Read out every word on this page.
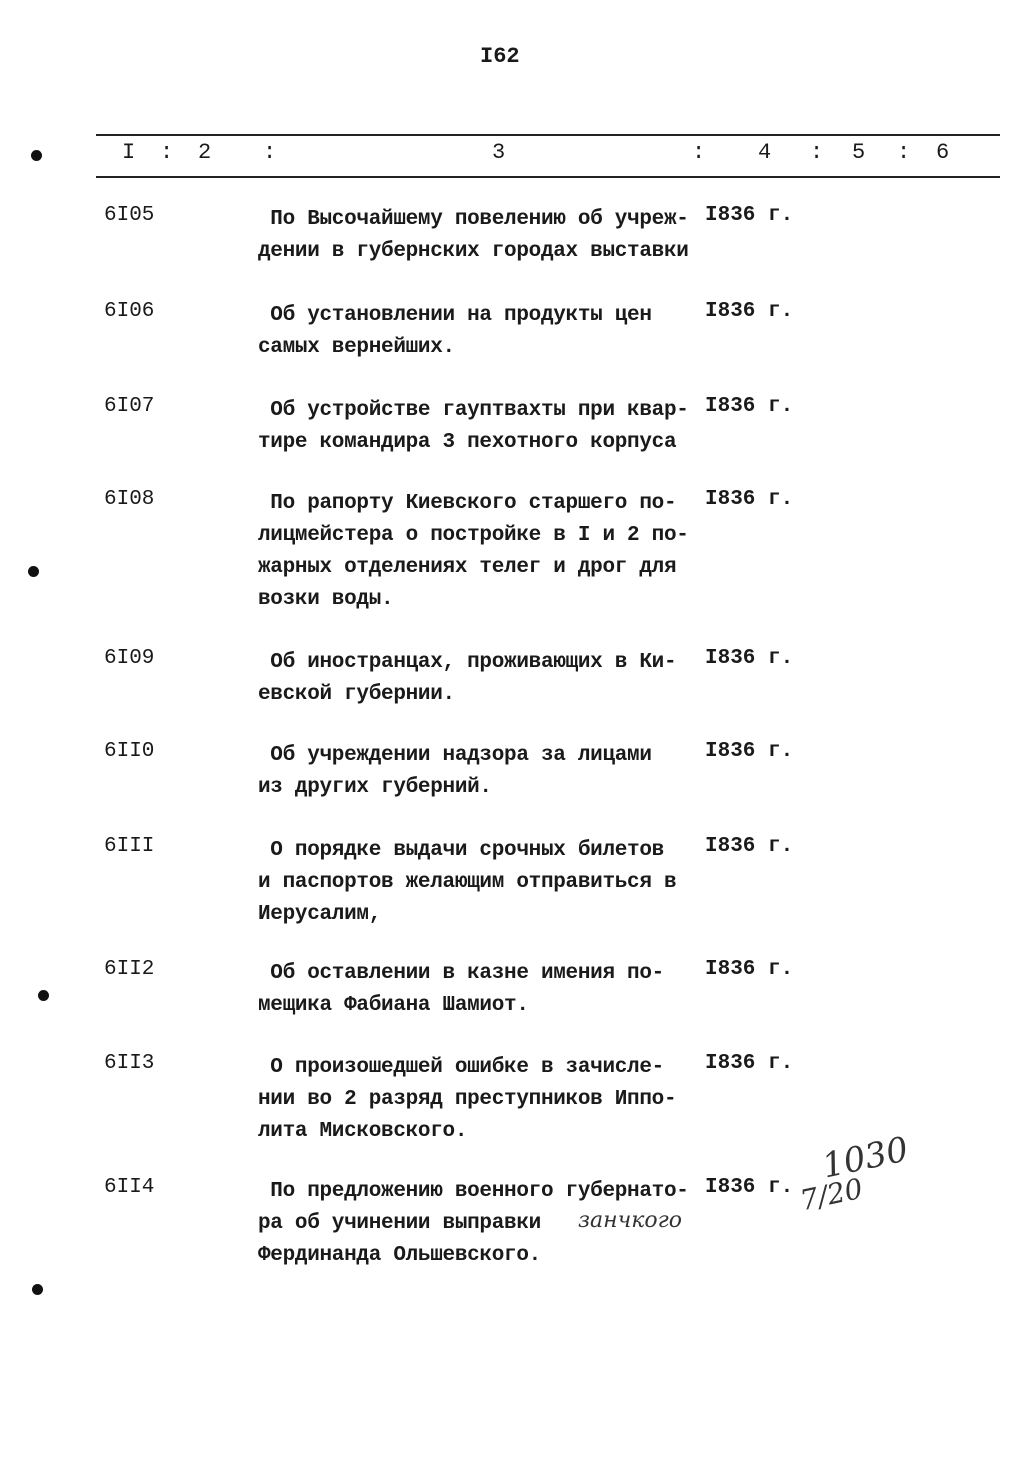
I62
I : 2 :	3	: 4 : 5 : 6
6I05	По Высочайшему повелению об учреж-
дении в губернских городах выставки
I836 г.
6I06	Об установлении на продукты цен
самых вернейших.
I836 г.
6I07	Об устройстве гауптвахты при квар-
тире командира 3 пехотного корпуса
I836 г.
6I08	По рапорту Киевского старшего по-
лицмейстера о постройке в I и 2 по-
жарных отделениях телег и дрог для
возки воды.
I836 г.
6I09	Об иностранцах, проживающих в Ки-
евской губернии.
I836 г.
6II0	Об учреждении надзора за лицами
из других губерний.
I836 г.
6III	О порядке выдачи срочных билетов
и паспортов желающим отправиться в
Иерусалим,
I836 г.
6II2	Об оставлении в казне имения по-
мещика Фабиана Шамиот.
I836 г.
6II3	О произошедшей ошибке в зачисле-
нии во 2 разряд преступников Иппо-
лита Мисковского.
I836 г.
6II4	По предложению военного губернато-
ра об учинении выправки
Фердинанда Ольшевского.
I836 г.
занчкого
1030
7/20
